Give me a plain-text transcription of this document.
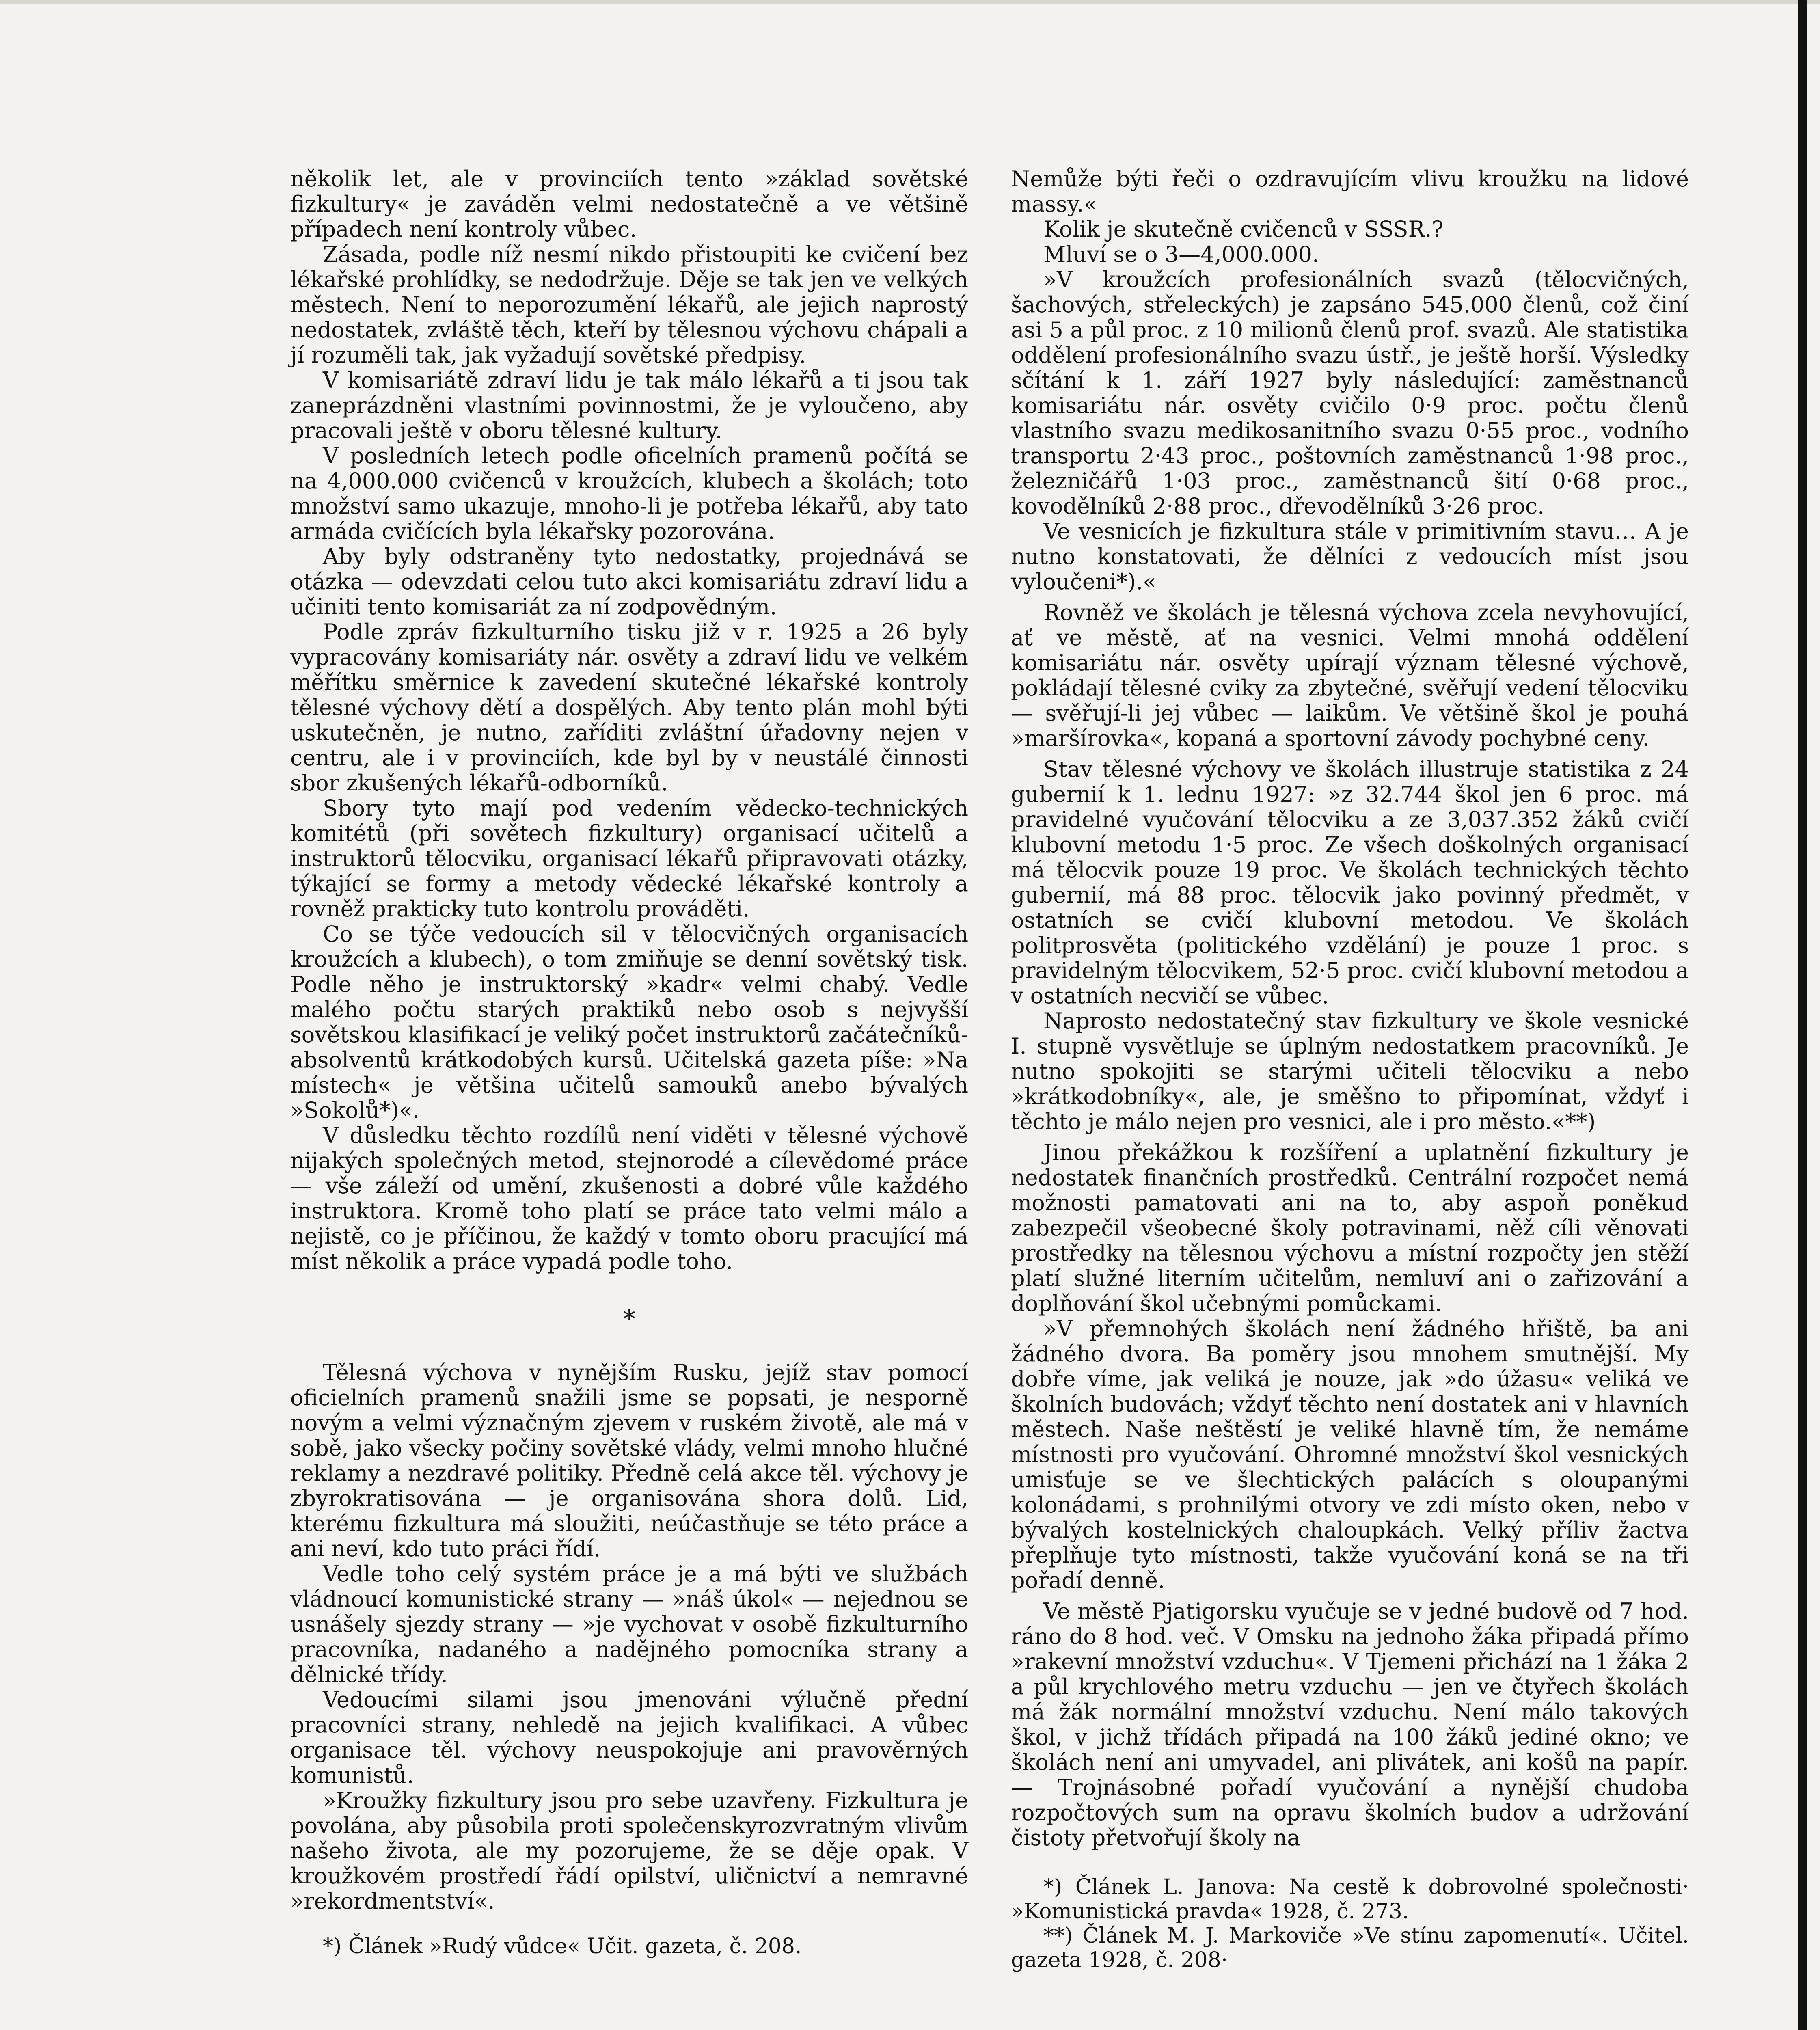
několik let, ale v provinciích tento »základ sovětské fizkultury« je zaváděn velmi nedostatečně a ve většině případech není kontroly vůbec.

Zásada, podle níž nesmí nikdo přistoupiti ke cvičení bez lékařské prohlídky, se nedodržuje. Děje se tak jen ve velkých městech. Není to neporozumění lékařů, ale jejich naprostý nedostatek, zvláště těch, kteří by tělesnou výchovu chápali a jí rozuměli tak, jak vyžadují sovětské předpisy.

V komisariátě zdraví lidu je tak málo lékařů a ti jsou tak zaneprázdněni vlastními povinnostmi, že je vyloučeno, aby pracovali ještě v oboru tělesné kultury.

V posledních letech podle oficelních pramenů počítá se na 4,000.000 cvičenců v kroužcích, klubech a školách; toto množství samo ukazuje, mnoho-li je potřeba lékařů, aby tato armáda cvičících byla lékařsky pozorována.

Aby byly odstraněny tyto nedostatky, projednává se otázka — odevzdati celou tuto akci komisariátu zdraví lidu a učiniti tento komisariát za ní zodpovědným.

Podle zpráv fizkulturního tisku již v r. 1925 a 26 byly vypracovány komisariáty nár. osvěty a zdraví lidu ve velkém měřítku směrnice k zavedení skutečné lékařské kontroly tělesné výchovy dětí a dospělých. Aby tento plán mohl býti uskutečněn, je nutno, zaříditi zvláštní úřadovny nejen v centru, ale i v provinciích, kde byl by v neustálé činnosti sbor zkušených lékařů-odborníků.

Sbory tyto mají pod vedením vědecko-technických komitétů (při sovětech fizkultury) organisací učitelů a instruktorů tělocviku, organisací lékařů připravovati otázky, týkající se formy a metody vědecké lékařské kontroly a rovněž prakticky tuto kontrolu prováděti.

Co se týče vedoucích sil v tělocvičných organisacích kroužcích a klubech), o tom zmiňuje se denní sovětský tisk. Podle něho je instruktorský »kadr« velmi chabý. Vedle malého počtu starých praktiků nebo osob s nejvyšší sovětskou klasifikací je veliký počet instruktorů začátečníků-absolventů krátkodobých kursů. Učitelská gazeta píše: »Na místech« je většina učitelů samouků anebo bývalých »Sokolů*)«.

V důsledku těchto rozdílů není viděti v tělesné výchově nijakých společných metod, stejnorodé a cílevědomé práce — vše záleží od umění, zkušenosti a dobré vůle každého instruktora. Kromě toho platí se práce tato velmi málo a nejistě, co je příčinou, že každý v tomto oboru pracující má míst několik a práce vypadá podle toho.

*

Tělesná výchova v nynějším Rusku, jejíž stav pomocí oficielních pramenů snažili jsme se popsati, je nesporně novým a velmi význačným zjevem v ruském životě, ale má v sobě, jako všecky počiny sovětské vlády, velmi mnoho hlučné reklamy a nezdravé politiky. Předně celá akce těl. výchovy je zbyrokratisována — je organisována shora dolů. Lid, kterému fizkultura má sloužiti, neúčastňuje se této práce a ani neví, kdo tuto práci řídí.

Vedle toho celý systém práce je a má býti ve službách vládnoucí komunistické strany — »náš úkol« — nejednou se usnášely sjezdy strany — »je vychovat v osobě fizkulturního pracovníka, nadaného a nadějného pomocníka strany a dělnické třídy.

Vedoucími silami jsou jmenováni výlučně přední pracovníci strany, nehledě na jejich kvalifikaci. A vůbec organisace těl. výchovy neuspokojuje ani pravověrných komunistů.

»Kroužky fizkultury jsou pro sebe uzavřeny. Fizkultura je povolána, aby působila proti společenskyrozvratným vlivům našeho života, ale my pozorujeme, že se děje opak. V kroužkovém prostředí řádí opilství, uličnictví a nemravné »rekordmentství«.

*) Článek »Rudý vůdce« Učit. gazeta, č. 208.

Nemůže býti řeči o ozdravujícím vlivu kroužku na lidové massy.«

Kolik je skutečně cvičenců v SSSR.?

Mluví se o 3—4,000.000.

»V kroužcích profesionálních svazů (tělocvičných, šachových, střeleckých) je zapsáno 545.000 členů, což činí asi 5 a půl proc. z 10 milionů členů prof. svazů. Ale statistika oddělení profesionálního svazu ústř., je ještě horší. Výsledky sčítání k 1. září 1927 byly následující: zaměstnanců komisariátu nár. osvěty cvičilo 0·9 proc. počtu členů vlastního svazu medikosanitního svazu 0·55 proc., vodního transportu 2·43 proc., poštovních zaměstnanců 1·98 proc., železničářů 1·03 proc., zaměstnanců šití 0·68 proc., kovodělníků 2·88 proc., dřevodělníků 3·26 proc.

Ve vesnicích je fizkultura stále v primitivním stavu… A je nutno konstatovati, že dělníci z vedoucích míst jsou vyloučeni*).«

Rovněž ve školách je tělesná výchova zcela nevyhovující, ať ve městě, ať na vesnici. Velmi mnohá oddělení komisariátu nár. osvěty upírají význam tělesné výchově, pokládají tělesné cviky za zbytečné, svěřují vedení tělocviku — svěřují-li jej vůbec — laikům. Ve většině škol je pouhá »maršírovka«, kopaná a sportovní závody pochybné ceny.

Stav tělesné výchovy ve školách illustruje statistika z 24 gubernií k 1. lednu 1927: »z 32.744 škol jen 6 proc. má pravidelné vyučování tělocviku a ze 3,037.352 žáků cvičí klubovní metodu 1·5 proc. Ze všech doškolných organisací má tělocvik pouze 19 proc. Ve školách technických těchto gubernií, má 88 proc. tělocvik jako povinný předmět, v ostatních se cvičí klubovní metodou. Ve školách politprosvěta (politického vzdělání) je pouze 1 proc. s pravidelným tělocvikem, 52·5 proc. cvičí klubovní metodou a v ostatních necvičí se vůbec.

Naprosto nedostatečný stav fizkultury ve škole vesnické I. stupně vysvětluje se úplným nedostatkem pracovníků. Je nutno spokojiti se starými učiteli tělocviku a nebo »krátkodobníky«, ale, je směšno to připomínat, vždyť i těchto je málo nejen pro vesnici, ale i pro město.«**)

Jinou překážkou k rozšíření a uplatnění fizkultury je nedostatek finančních prostředků. Centrální rozpočet nemá možnosti pamatovati ani na to, aby aspoň poněkud zabezpečil všeobecné školy potravinami, něž cíli věnovati prostředky na tělesnou výchovu a místní rozpočty jen stěží platí služné literním učitelům, nemluví ani o zařizování a doplňování škol učebnými pomůckami.

»V přemnohých školách není žádného hřiště, ba ani žádného dvora. Ba poměry jsou mnohem smutnější. My dobře víme, jak veliká je nouze, jak »do úžasu« veliká ve školních budovách; vždyť těchto není dostatek ani v hlavních městech. Naše neštěstí je veliké hlavně tím, že nemáme místnosti pro vyučování. Ohromné množství škol vesnických umisťuje se ve šlechtických palácích s oloupanými kolonádami, s prohnilými otvory ve zdi místo oken, nebo v bývalých kostelnických chaloupkách. Velký příliv žactva přeplňuje tyto místnosti, takže vyučování koná se na tři pořadí denně.

Ve městě Pjatigorsku vyučuje se v jedné budově od 7 hod. ráno do 8 hod. več. V Omsku na jednoho žáka připadá přímo »rakevní množství vzduchu«. V Tjemeni přichází na 1 žáka 2 a půl krychlového metru vzduchu — jen ve čtyřech školách má žák normální množství vzduchu. Není málo takových škol, v jichž třídách připadá na 100 žáků jediné okno; ve školách není ani umyvadel, ani plivátek, ani košů na papír. — Trojnásobné pořadí vyučování a nynější chudoba rozpočtových sum na opravu školních budov a udržování čistoty přetvořují školy na

*) Článek L. Janova: Na cestě k dobrovolné společnosti· »Komunistická pravda« 1928, č. 273.

**) Článek M. J. Markoviče »Ve stínu zapomenutí«. Učitel. gazeta 1928, č. 208·
